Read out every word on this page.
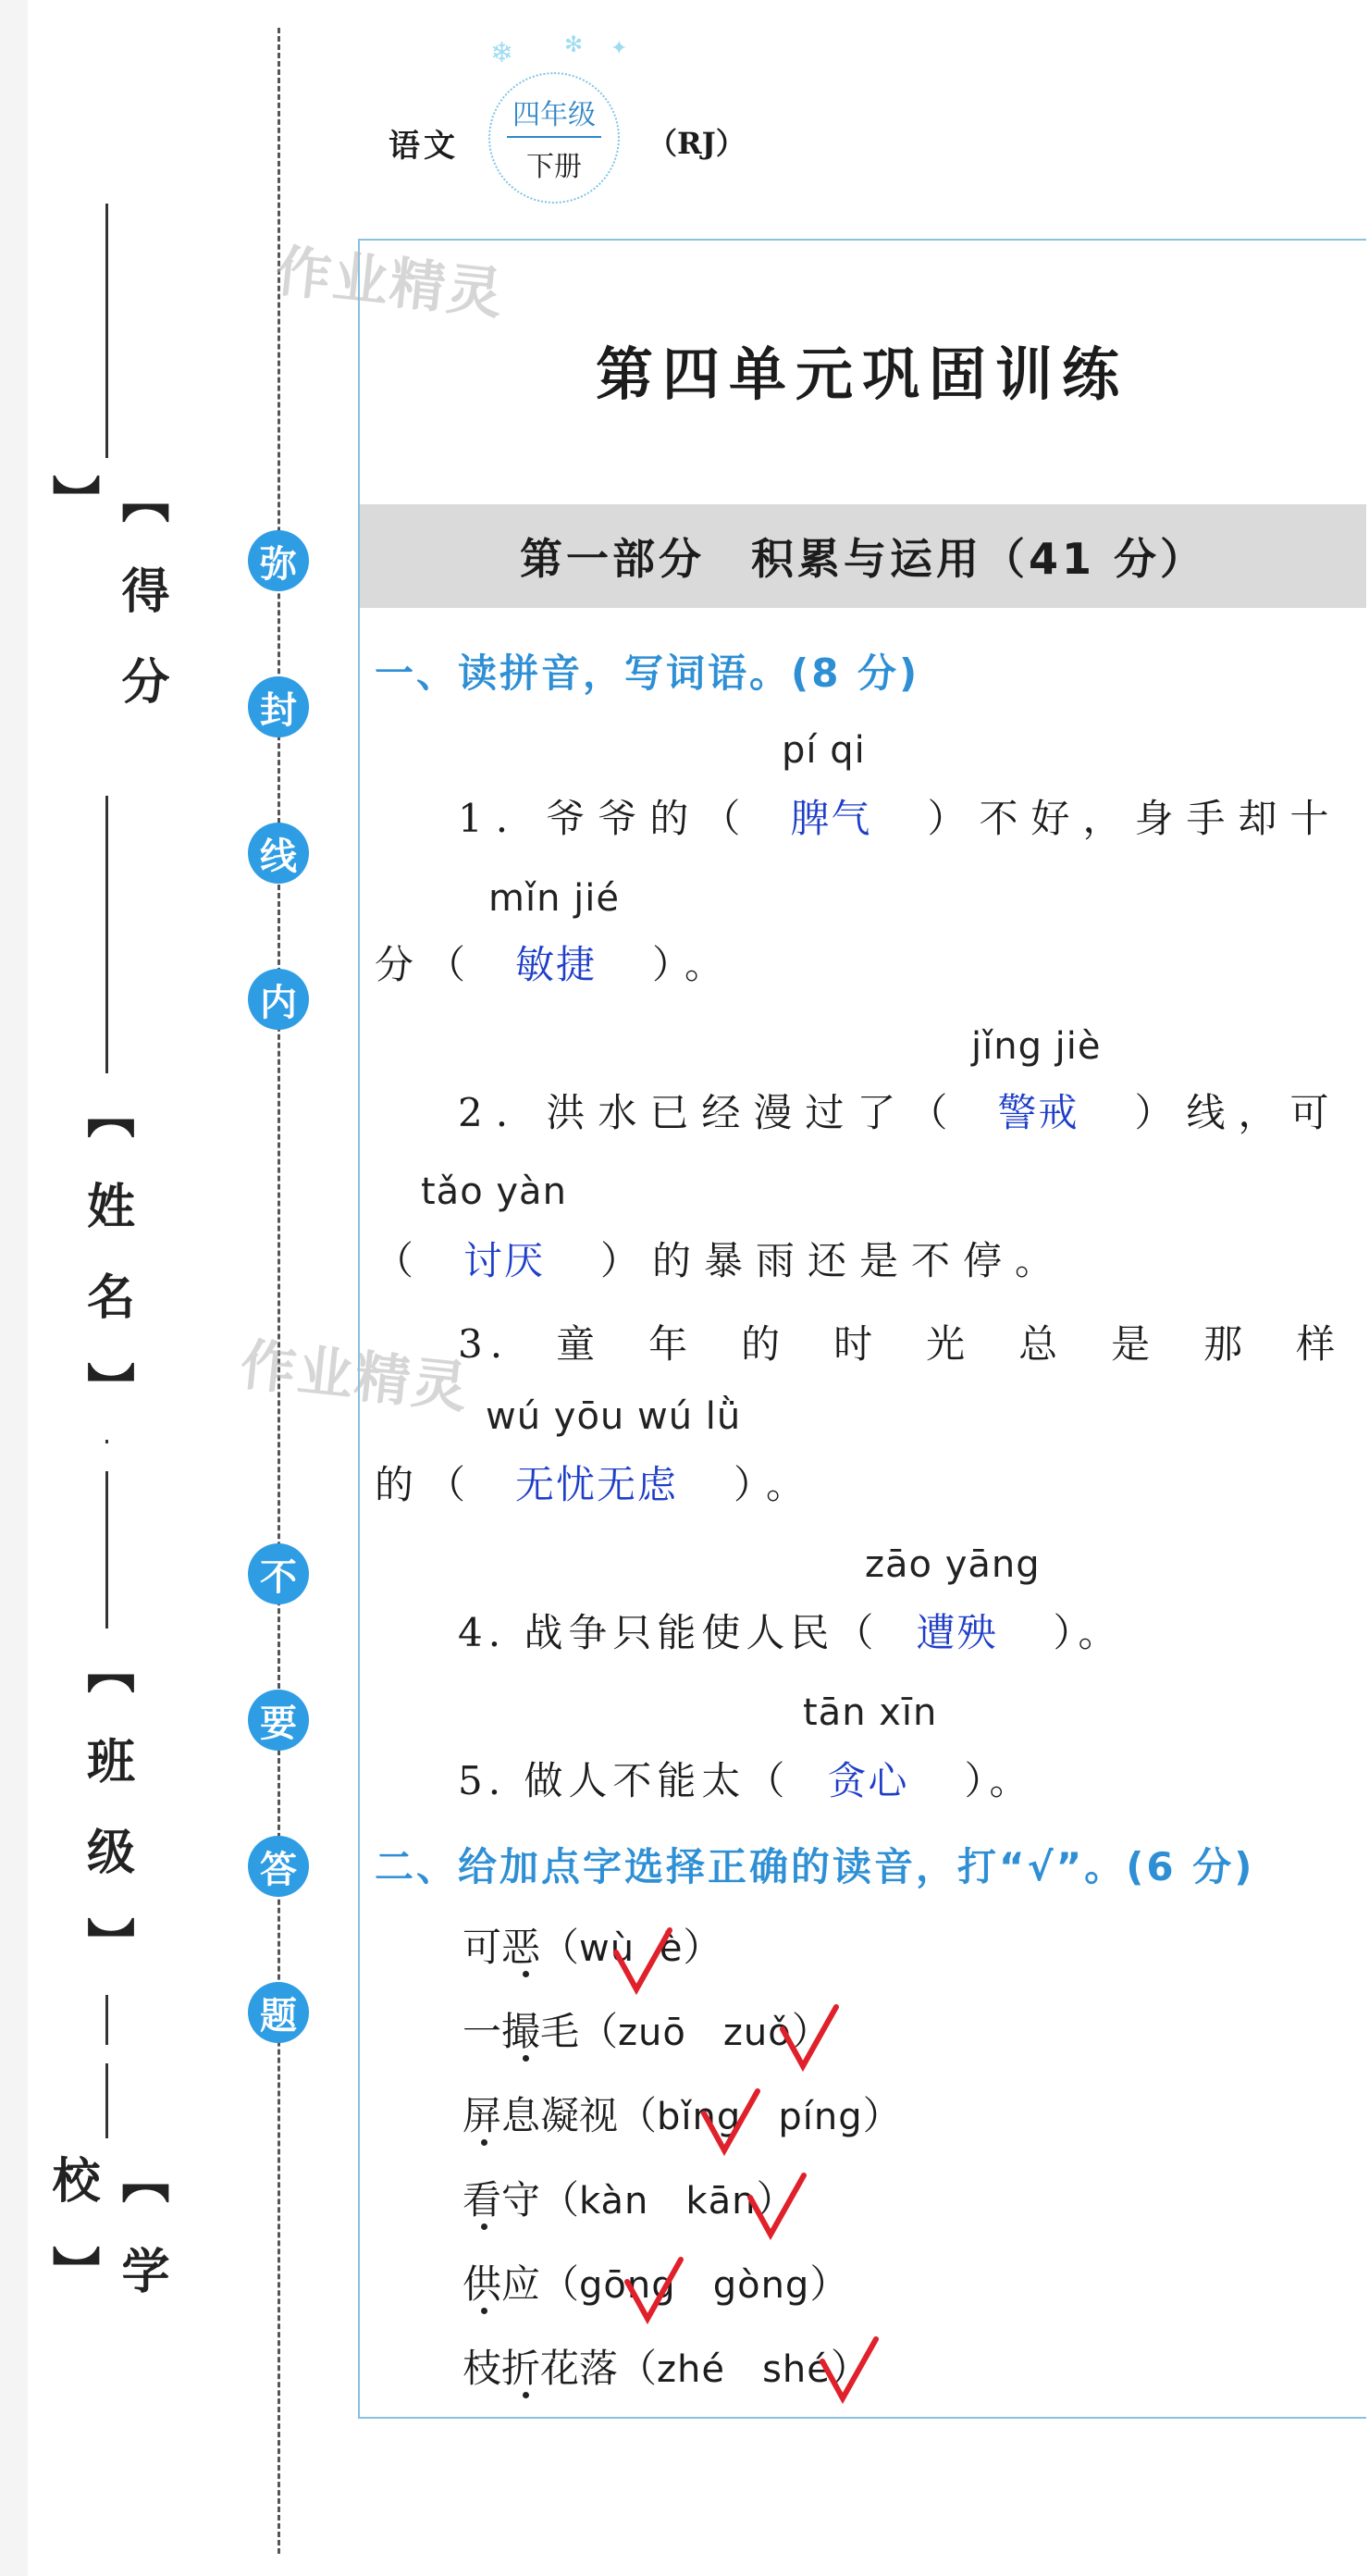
【 得 分 】
【 姓 名 】
【 班 级 】
【 学 校 】
弥
封
线
内
不
要
答
题
语文
四年级
下册
❄ ✻ ✦
（RJ）
作业精灵
作业精灵
第四单元巩固训练
第一部分　积累与运用（41 分）
一、读拼音，写词语。(8 分)
pí qi
1. 爷爷的（ 脾气 ）不好，身手却十
mǐn jié
分（ 敏捷 ）。
jǐng jiè
2. 洪水已经漫过了（ 警戒 ）线，可
tǎo yàn
（ 讨厌 ）的暴雨还是不停。
3.　童　年　的　时　光　总　是　那　样
wú yōu wú lǜ
的（ 无忧无虑 ）。
zāo yāng
4. 战争只能使人民（ 遭殃 ）。
tān xīn
5. 做人不能太（ 贪心 ）。
二、给加点字选择正确的读音，打“√”。(6 分)
可恶（wù è）
一撮毛（zuō zuǒ）
屏息凝视（bǐng píng）
看守（kàn kān）
供应（gōng gòng）
枝折花落（zhé shé）
